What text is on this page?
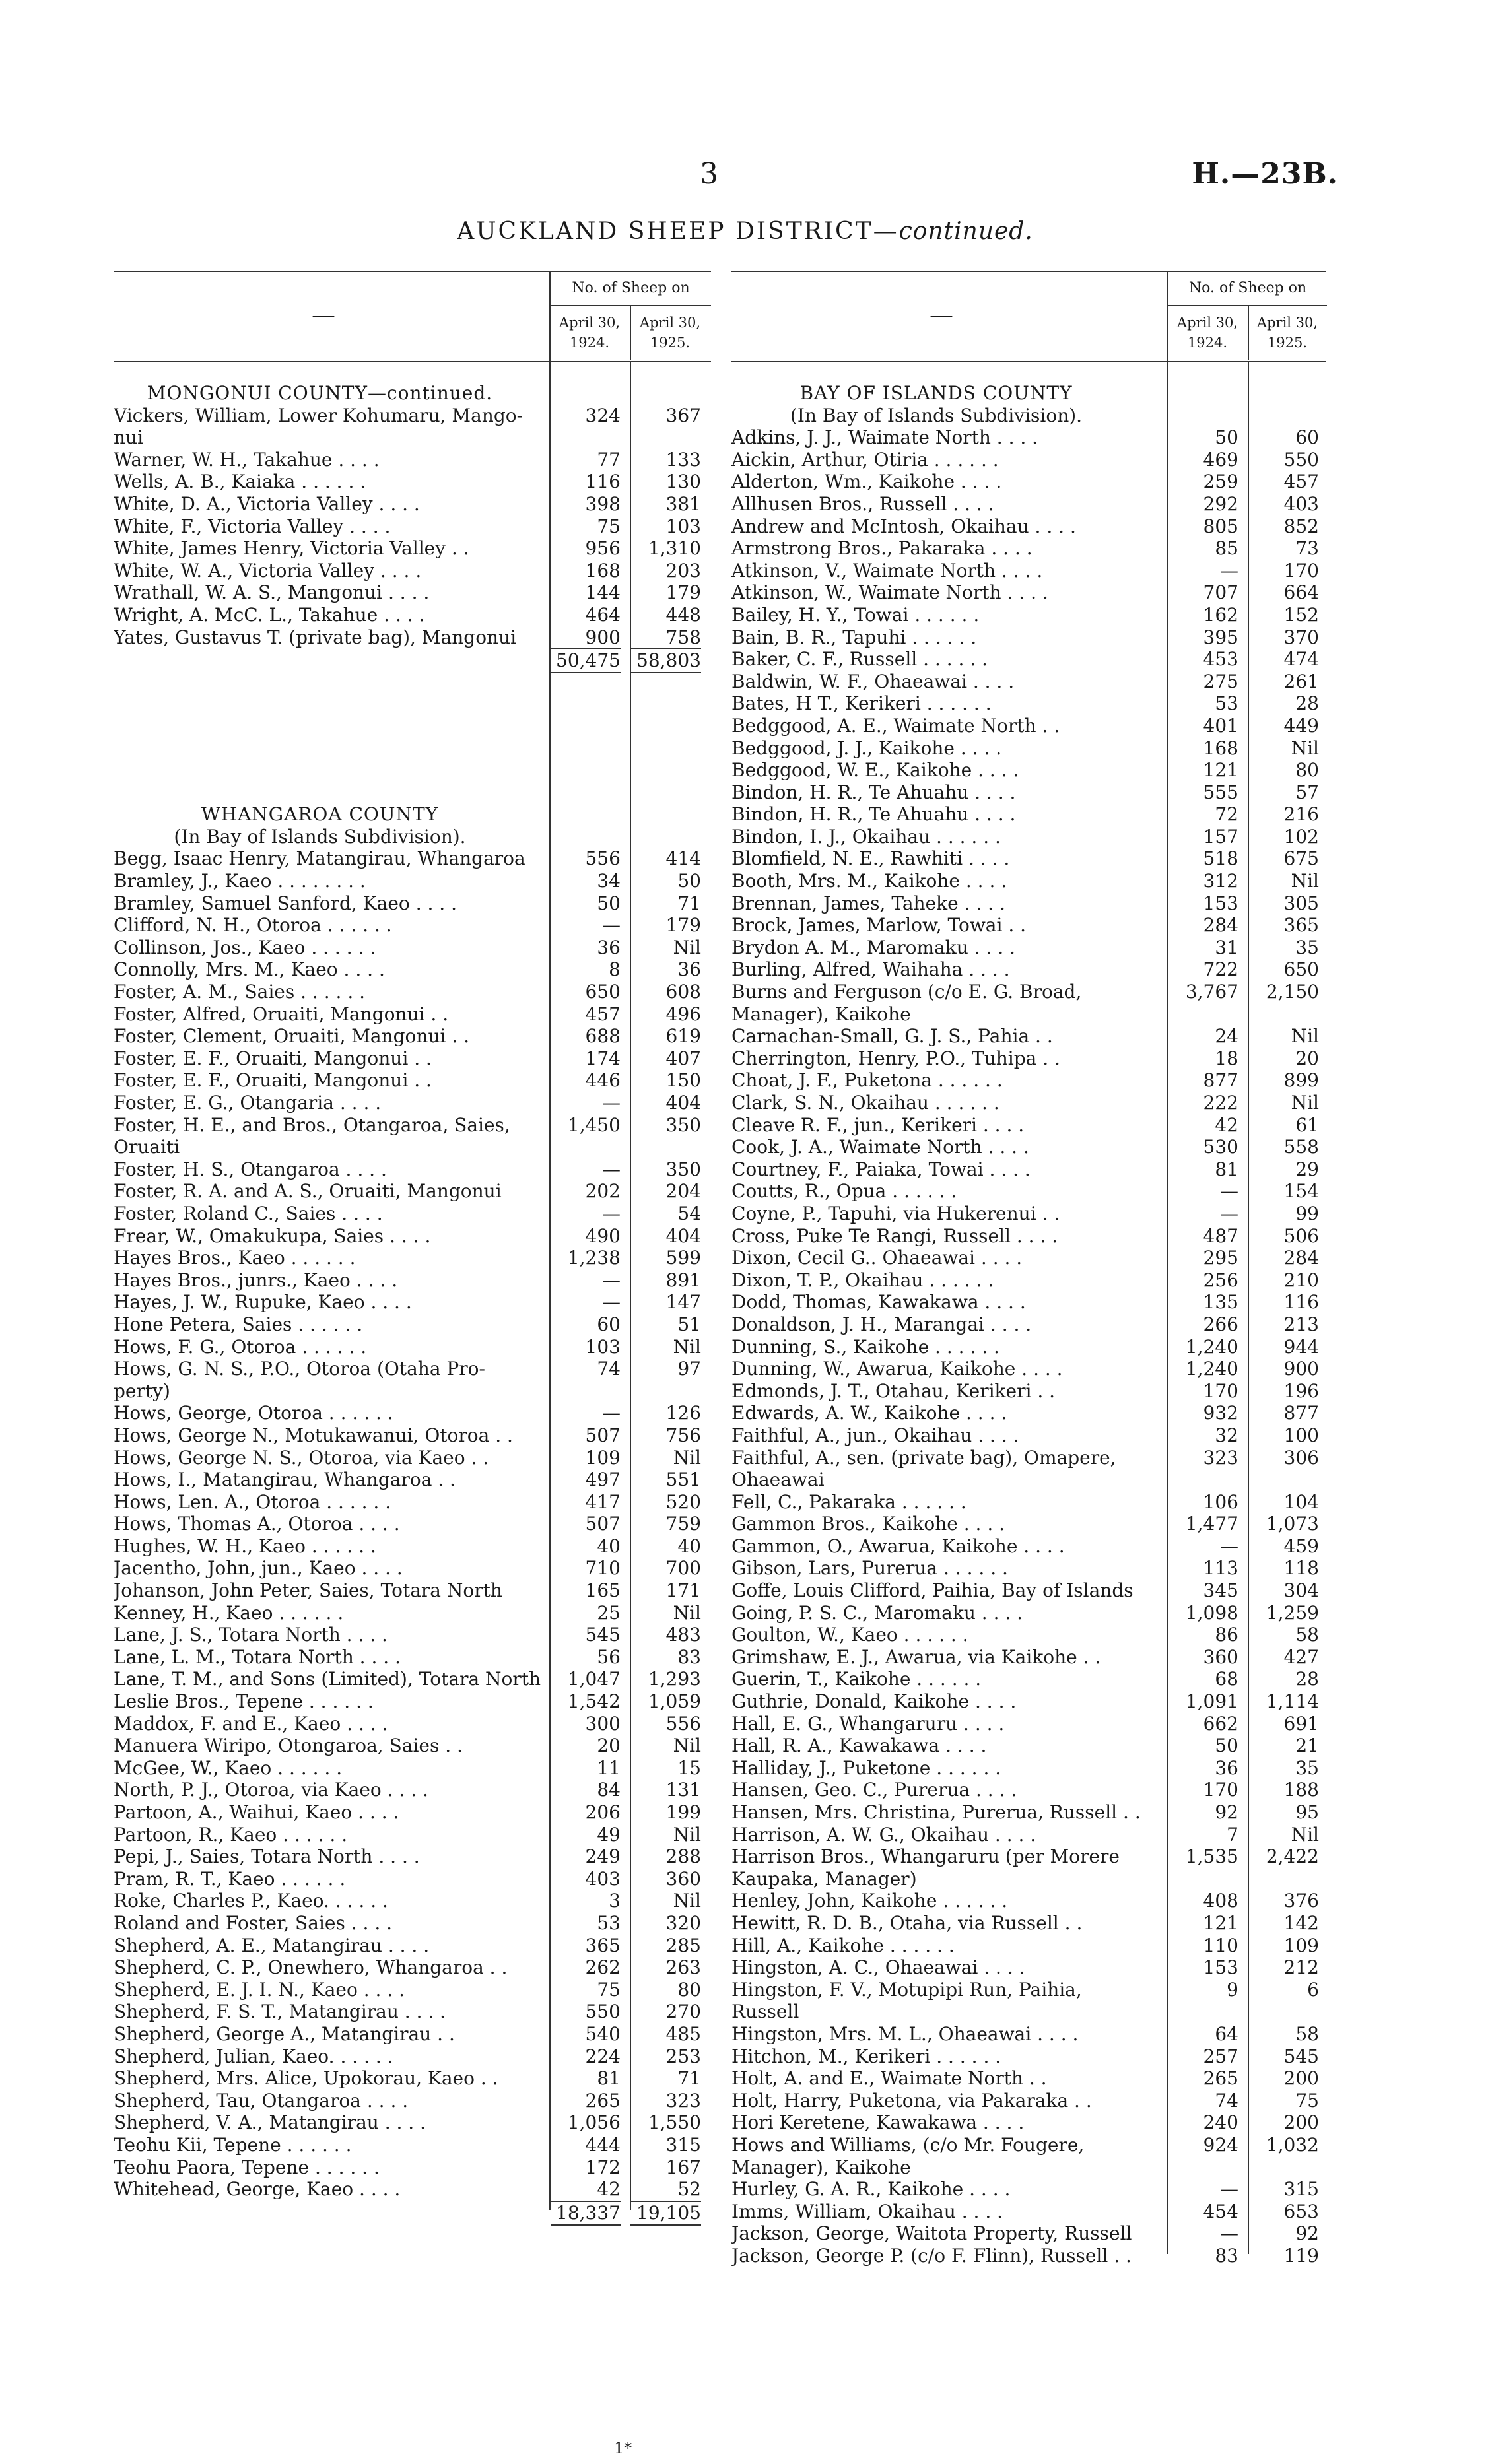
3	H.—23B.
AUCKLAND SHEEP DISTRICT—continued.
—
No. of Sheep on
April 30,
1924.
April 30,
1925.
MONGONUI COUNTY—continued.
Vickers, William, Lower Kohumaru, Mango-	324	367
nui
Warner, W. H., Takahue . . . .	77	133
Wells, A. B., Kaiaka . . . . . .	116	130
White, D. A., Victoria Valley . . . .	398	381
White, F., Victoria Valley . . . .	75	103
White, James Henry, Victoria Valley . .	956	1,310
White, W. A., Victoria Valley . . . .	168	203
Wrathall, W. A. S., Mangonui . . . .	144	179
Wright, A. McC. L., Takahue . . . .	464	448
Yates, Gustavus T. (private bag), Mangonui	900	758
50,475 58,803
WHANGAROA COUNTY
(In Bay of Islands Subdivision).
Begg, Isaac Henry, Matangirau, Whangaroa	556	414
Bramley, J., Kaeo . . . . . . . .	34	50
Bramley, Samuel Sanford, Kaeo . . . .	50	71
Clifford, N. H., Otoroa . . . . . .	—	179
Collinson, Jos., Kaeo . . . . . .	36	Nil
Connolly, Mrs. M., Kaeo . . . .	8	36
Foster, A. M., Saies . . . . . .	650	608
Foster, Alfred, Oruaiti, Mangonui . .	457	496
Foster, Clement, Oruaiti, Mangonui . .	688	619
Foster, E. F., Oruaiti, Mangonui . .	174	407
Foster, E. F., Oruaiti, Mangonui . .	446	150
Foster, E. G., Otangaria . . . .	—	404
Foster, H. E., and Bros., Otangaroa, Saies,	1,450	350
Oruaiti
Foster, H. S., Otangaroa . . . .	—	350
Foster, R. A. and A. S., Oruaiti, Mangonui	202	204
Foster, Roland C., Saies . . . .	—	54
Frear, W., Omakukupa, Saies . . . .	490	404
Hayes Bros., Kaeo . . . . . .	1,238	599
Hayes Bros., junrs., Kaeo . . . .	—	891
Hayes, J. W., Rupuke, Kaeo . . . .	—	147
Hone Petera, Saies . . . . . .	60	51
Hows, F. G., Otoroa . . . . . .	103	Nil
Hows, G. N. S., P.O., Otoroa (Otaha Pro-	74	97
perty)
Hows, George, Otoroa . . . . . .	—	126
Hows, George N., Motukawanui, Otoroa . .	507	756
Hows, George N. S., Otoroa, via Kaeo . .	109	Nil
Hows, I., Matangirau, Whangaroa . .	497	551
Hows, Len. A., Otoroa . . . . . .	417	520
Hows, Thomas A., Otoroa . . . .	507	759
Hughes, W. H., Kaeo . . . . . .	40	40
Jacentho, John, jun., Kaeo . . . .	710	700
Johanson, John Peter, Saies, Totara North	165	171
Kenney, H., Kaeo . . . . . .	25	Nil
Lane, J. S., Totara North . . . .	545	483
Lane, L. M., Totara North . . . .	56	83
Lane, T. M., and Sons (Limited), Totara North	1,047	1,293
Leslie Bros., Tepene . . . . . .	1,542	1,059
Maddox, F. and E., Kaeo . . . .	300	556
Manuera Wiripo, Otongaroa, Saies . .	20	Nil
McGee, W., Kaeo . . . . . .	11	15
North, P. J., Otoroa, via Kaeo . . . .	84	131
Partoon, A., Waihui, Kaeo . . . .	206	199
Partoon, R., Kaeo . . . . . .	49	Nil
Pepi, J., Saies, Totara North . . . .	249	288
Pram, R. T., Kaeo . . . . . .	403	360
Roke, Charles P., Kaeo. . . . . .	3	Nil
Roland and Foster, Saies . . . .	53	320
Shepherd, A. E., Matangirau . . . .	365	285
Shepherd, C. P., Onewhero, Whangaroa . .	262	263
Shepherd, E. J. I. N., Kaeo . . . .	75	80
Shepherd, F. S. T., Matangirau . . . .	550	270
Shepherd, George A., Matangirau . .	540	485
Shepherd, Julian, Kaeo. . . . . .	224	253
Shepherd, Mrs. Alice, Upokorau, Kaeo . .	81	71
Shepherd, Tau, Otangaroa . . . .	265	323
Shepherd, V. A., Matangirau . . . .	1,056	1,550
Teohu Kii, Tepene . . . . . .	444	315
Teohu Paora, Tepene . . . . . .	172	167
Whitehead, George, Kaeo . . . .	42	52
18,337 19,105
—
No. of Sheep on
April 30,
1924.
April 30,
1925.
BAY OF ISLANDS COUNTY
(In Bay of Islands Subdivision).
Adkins, J. J., Waimate North . . . .	50	60
Aickin, Arthur, Otiria . . . . . .	469	550
Alderton, Wm., Kaikohe . . . .	259	457
Allhusen Bros., Russell . . . .	292	403
Andrew and McIntosh, Okaihau . . . .	805	852
Armstrong Bros., Pakaraka . . . .	85	73
Atkinson, V., Waimate North . . . .	—	170
Atkinson, W., Waimate North . . . .	707	664
Bailey, H. Y., Towai . . . . . .	162	152
Bain, B. R., Tapuhi . . . . . .	395	370
Baker, C. F., Russell . . . . . .	453	474
Baldwin, W. F., Ohaeawai . . . .	275	261
Bates, H T., Kerikeri . . . . . .	53	28
Bedggood, A. E., Waimate North . .	401	449
Bedggood, J. J., Kaikohe . . . .	168	Nil
Bedggood, W. E., Kaikohe . . . .	121	80
Bindon, H. R., Te Ahuahu . . . .	555	57
Bindon, H. R., Te Ahuahu . . . .	72	216
Bindon, I. J., Okaihau . . . . . .	157	102
Blomfield, N. E., Rawhiti . . . .	518	675
Booth, Mrs. M., Kaikohe . . . .	312	Nil
Brennan, James, Taheke . . . .	153	305
Brock, James, Marlow, Towai . .	284	365
Brydon A. M., Maromaku . . . .	31	35
Burling, Alfred, Waihaha . . . .	722	650
Burns and Ferguson (c/o E. G. Broad,	3,767	2,150
Manager), Kaikohe
Carnachan-Small, G. J. S., Pahia . .	24	Nil
Cherrington, Henry, P.O., Tuhipa . .	18	20
Choat, J. F., Puketona . . . . . .	877	899
Clark, S. N., Okaihau . . . . . .	222	Nil
Cleave R. F., jun., Kerikeri . . . .	42	61
Cook, J. A., Waimate North . . . .	530	558
Courtney, F., Paiaka, Towai . . . .	81	29
Coutts, R., Opua . . . . . .	—	154
Coyne, P., Tapuhi, via Hukerenui . .	—	99
Cross, Puke Te Rangi, Russell . . . .	487	506
Dixon, Cecil G.. Ohaeawai . . . .	295	284
Dixon, T. P., Okaihau . . . . . .	256	210
Dodd, Thomas, Kawakawa . . . .	135	116
Donaldson, J. H., Marangai . . . .	266	213
Dunning, S., Kaikohe . . . . . .	1,240	944
Dunning, W., Awarua, Kaikohe . . . .	1,240	900
Edmonds, J. T., Otahau, Kerikeri . .	170	196
Edwards, A. W., Kaikohe . . . .	932	877
Faithful, A., jun., Okaihau . . . .	32	100
Faithful, A., sen. (private bag), Omapere,	323	306
Ohaeawai
Fell, C., Pakaraka . . . . . .	106	104
Gammon Bros., Kaikohe . . . .	1,477	1,073
Gammon, O., Awarua, Kaikohe . . . .	—	459
Gibson, Lars, Purerua . . . . . .	113	118
Goffe, Louis Clifford, Paihia, Bay of Islands	345	304
Going, P. S. C., Maromaku . . . .	1,098	1,259
Goulton, W., Kaeo . . . . . .	86	58
Grimshaw, E. J., Awarua, via Kaikohe . .	360	427
Guerin, T., Kaikohe . . . . . .	68	28
Guthrie, Donald, Kaikohe . . . .	1,091	1,114
Hall, E. G., Whangaruru . . . .	662	691
Hall, R. A., Kawakawa . . . .	50	21
Halliday, J., Puketone . . . . . .	36	35
Hansen, Geo. C., Purerua . . . .	170	188
Hansen, Mrs. Christina, Purerua, Russell . .	92	95
Harrison, A. W. G., Okaihau . . . .	7	Nil
Harrison Bros., Whangaruru (per Morere	1,535	2,422
Kaupaka, Manager)
Henley, John, Kaikohe . . . . . .	408	376
Hewitt, R. D. B., Otaha, via Russell . .	121	142
Hill, A., Kaikohe . . . . . .	110	109
Hingston, A. C., Ohaeawai . . . .	153	212
Hingston, F. V., Motupipi Run, Paihia,	9	6
Russell
Hingston, Mrs. M. L., Ohaeawai . . . .	64	58
Hitchon, M., Kerikeri . . . . . .	257	545
Holt, A. and E., Waimate North . .	265	200
Holt, Harry, Puketona, via Pakaraka . .	74	75
Hori Keretene, Kawakawa . . . .	240	200
Hows and Williams, (c/o Mr. Fougere,	924	1,032
Manager), Kaikohe
Hurley, G. A. R., Kaikohe . . . .	—	315
Imms, William, Okaihau . . . .	454	653
Jackson, George, Waitota Property, Russell	—	92
Jackson, George P. (c/o F. Flinn), Russell . .	83	119
1*
